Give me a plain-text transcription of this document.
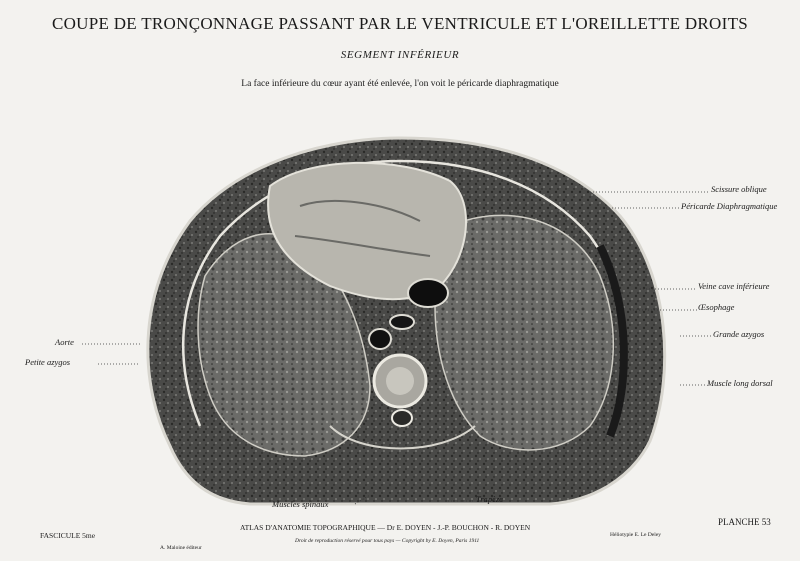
COUPE DE TRONÇONNAGE PASSANT PAR LE VENTRICULE ET L'OREILLETTE DROITS
SEGMENT INFÉRIEUR
La face inférieure du cœur ayant été enlevée, l'on voit le péricarde diaphragmatique
Scissure oblique
Péricarde Diaphragmatique
Veine cave inférieure
Œsophage
Grande azygos
Muscle long dorsal
Aorte
Petite azygos
Muscles spinaux	Trapèze
FASCICULE 5me
A. Maloine éditeur
ATLAS D'ANATOMIE TOPOGRAPHIQUE — Dr E. DOYEN - J.-P. BOUCHON - R. DOYEN
Droit de reproduction réservé pour tous pays — Copyright by E. Doyen, Paris 1911
Héliotypie E. Le Deley
PLANCHE 53
